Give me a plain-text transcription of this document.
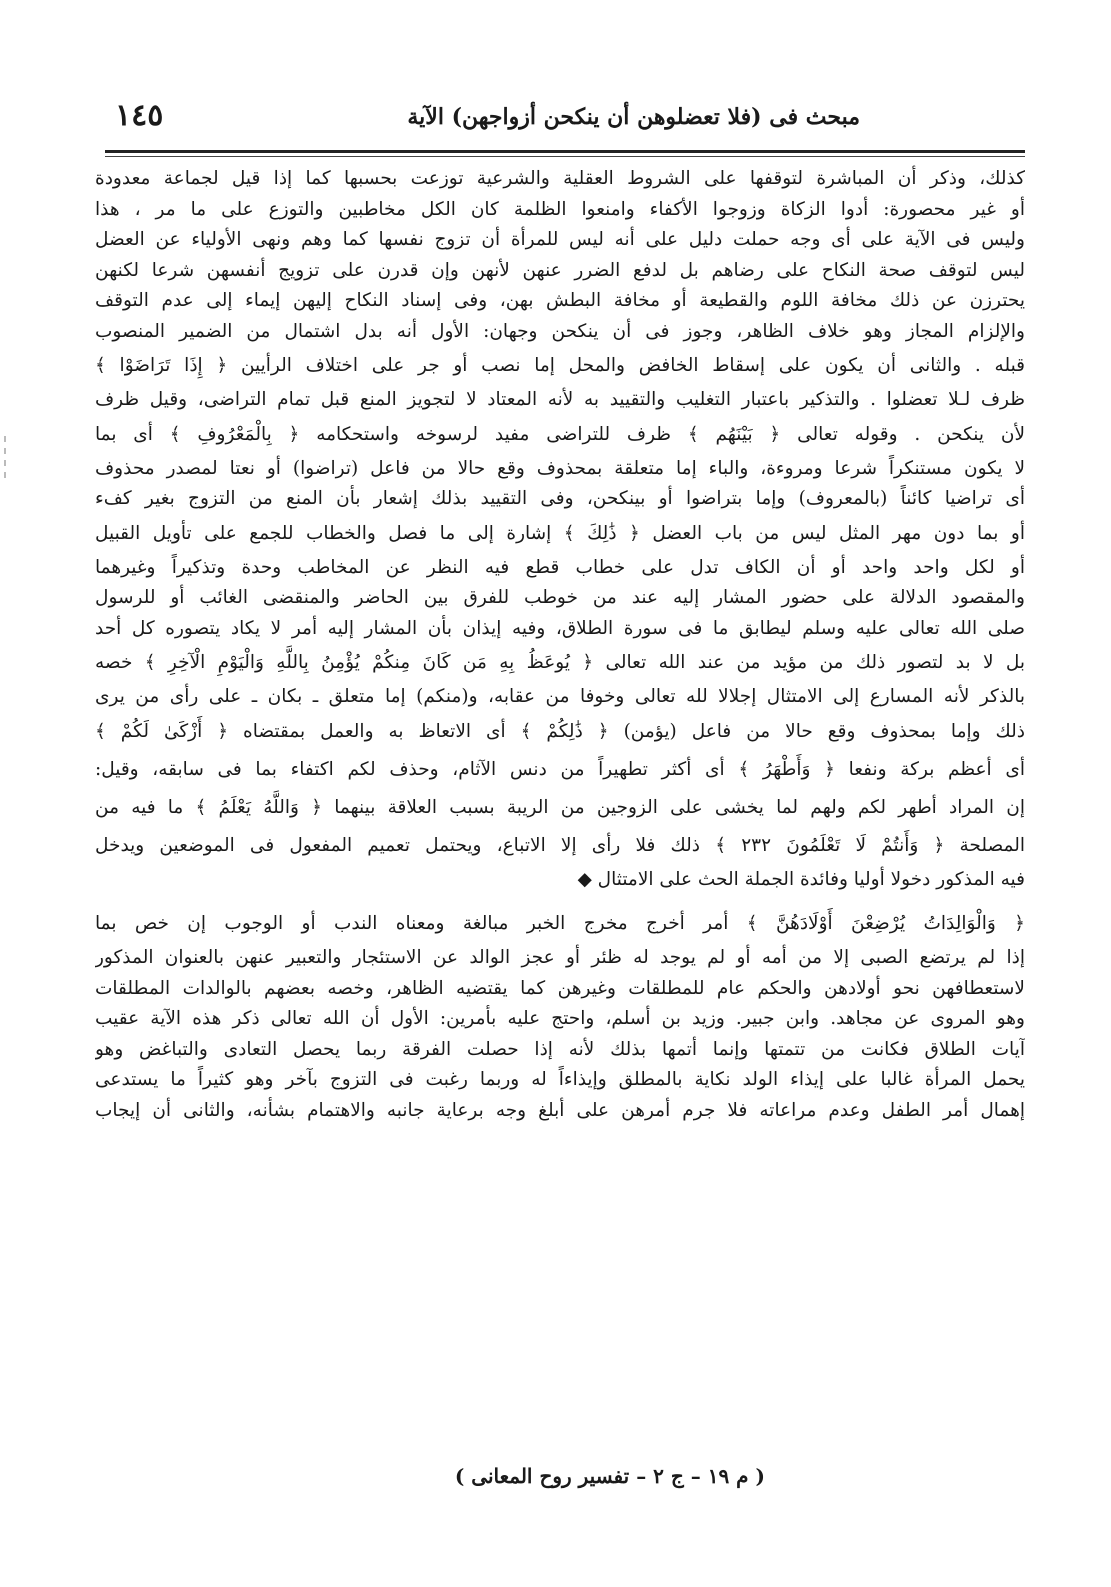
مبحث فى (فلا تعضلوهن أن ينكحن أزواجهن) الآية
١٤٥
كذلك، وذكر أن المباشرة لتوقفها على الشروط العقلية والشرعية توزعت بحسبها كما إذا قيل لجماعة معدودة
أو غير محصورة: أدوا الزكاة وزوجوا الأكفاء وامنعوا الظلمة كان الكل مخاطبين والتوزع على ما مر ، هذا
وليس فى الآية على أى وجه حملت دليل على أنه ليس للمرأة أن تزوج نفسها كما وهم ونهى الأولياء عن العضل
ليس لتوقف صحة النكاح على رضاهم بل لدفع الضرر عنهن لأنهن وإن قدرن على تزويج أنفسهن شرعا لكنهن
يحترزن عن ذلك مخافة اللوم والقطيعة أو مخافة البطش بهن، وفى إسناد النكاح إليهن إيماء إلى عدم التوقف
والإلزام المجاز وهو خلاف الظاهر، وجوز فى أن ينكحن وجهان: الأول أنه بدل اشتمال من الضمير المنصوب
قبله . والثانى أن يكون على إسقاط الخافض والمحل إما نصب أو جر على اختلاف الرأيين ﴿ إِذَا تَرَاضَوْا ﴾
ظرف لـلا تعضلوا . والتذكير باعتبار التغليب والتقييد به لأنه المعتاد لا لتجويز المنع قبل تمام التراضى، وقيل ظرف
لأن ينكحن . وقوله تعالى ﴿ بَيْنَهُم ﴾ ظرف للتراضى مفيد لرسوخه واستحكامه ﴿ بِالْمَعْرُوفِ ﴾ أى بما
لا يكون مستنكراً شرعا ومروءة، والباء إما متعلقة بمحذوف وقع حالا من فاعل (تراضوا) أو نعتا لمصدر محذوف
أى تراضيا كائناً (بالمعروف) وإما بتراضوا أو بينكحن، وفى التقييد بذلك إشعار بأن المنع من التزوج بغير كفء
أو بما دون مهر المثل ليس من باب العضل ﴿ ذَٰلِكَ ﴾ إشارة إلى ما فصل والخطاب للجمع على تأويل القبيل
أو لكل واحد واحد أو أن الكاف تدل على خطاب قطع فيه النظر عن المخاطب وحدة وتذكيراً وغيرهما
والمقصود الدلالة على حضور المشار إليه عند من خوطب للفرق بين الحاضر والمنقضى الغائب أو للرسول
صلى الله تعالى عليه وسلم ليطابق ما فى سورة الطلاق، وفيه إيذان بأن المشار إليه أمر لا يكاد يتصوره كل أحد
بل لا بد لتصور ذلك من مؤيد من عند الله تعالى ﴿ يُوعَظُ بِهِ مَن كَانَ مِنكُمْ يُؤْمِنُ بِاللَّهِ وَالْيَوْمِ الْآخِرِ ﴾ خصه
بالذكر لأنه المسارع إلى الامتثال إجلالا لله تعالى وخوفا من عقابه، و(منكم) إما متعلق ـ بكان ـ على رأى من يرى
ذلك وإما بمحذوف وقع حالا من فاعل (يؤمن) ﴿ ذَٰلِكُمْ ﴾ أى الاتعاظ به والعمل بمقتضاه ﴿ أَزْكَىٰ لَكُمْ ﴾
أى أعظم بركة ونفعا ﴿ وَأَطْهَرُ ﴾ أى أكثر تطهيراً من دنس الآثام، وحذف لكم اكتفاء بما فى سابقه، وقيل:
إن المراد أطهر لكم ولهم لما يخشى على الزوجين من الريبة بسبب العلاقة بينهما ﴿ وَاللَّهُ يَعْلَمُ ﴾ ما فيه من
المصلحة ﴿ وَأَنتُمْ لَا تَعْلَمُونَ ٢٣٢ ﴾ ذلك فلا رأى إلا الاتباع، ويحتمل تعميم المفعول فى الموضعين ويدخل
فيه المذكور دخولا أوليا وفائدة الجملة الحث على الامتثال ◆
﴿ وَالْوَالِدَاتُ يُرْضِعْنَ أَوْلَادَهُنَّ ﴾ أمر أخرج مخرج الخبر مبالغة ومعناه الندب أو الوجوب إن خص بما
إذا لم يرتضع الصبى إلا من أمه أو لم يوجد له ظئر أو عجز الوالد عن الاستئجار والتعبير عنهن بالعنوان المذكور
لاستعطافهن نحو أولادهن والحكم عام للمطلقات وغيرهن كما يقتضيه الظاهر، وخصه بعضهم بالوالدات المطلقات
وهو المروى عن مجاهد. وابن جبير. وزيد بن أسلم، واحتج عليه بأمرين: الأول أن الله تعالى ذكر هذه الآية عقيب
آيات الطلاق فكانت من تتمتها وإنما أتمها بذلك لأنه إذا حصلت الفرقة ربما يحصل التعادى والتباغض وهو
يحمل المرأة غالبا على إيذاء الولد نكاية بالمطلق وإيذاءاً له وربما رغبت فى التزوج بآخر وهو كثيراً ما يستدعى
إهمال أمر الطفل وعدم مراعاته فلا جرم أمرهن على أبلغ وجه برعاية جانبه والاهتمام بشأنه، والثانى أن إيجاب
( م ١٩ – ج ٢ – تفسير روح المعانى )
